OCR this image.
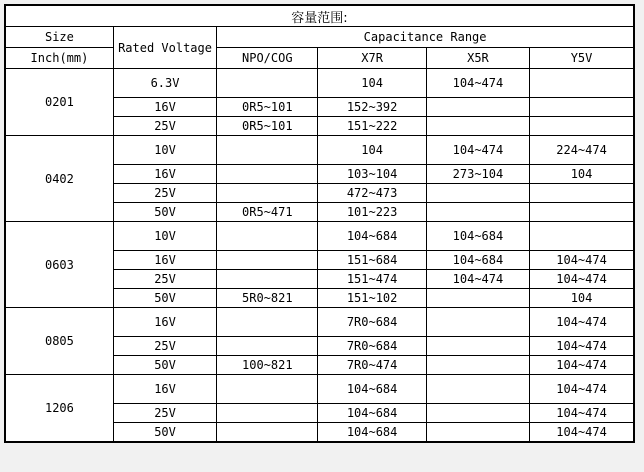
容量范围:					
Size	Rated Voltage	Capacitance Range			
Inch(mm)		NPO/COG	X7R	X5R	Y5V
0201	6.3V		104	104~474	
	16V	0R5~101	152~392		
	25V	0R5~101	151~222		
0402	10V		104	104~474	224~474
	16V		103~104	273~104	104
	25V		472~473		
	50V	0R5~471	101~223		
0603	10V		104~684	104~684	
	16V		151~684	104~684	104~474
	25V		151~474	104~474	104~474
	50V	5R0~821	151~102		104
0805	16V		7R0~684		104~474
	25V		7R0~684		104~474
	50V	100~821	7R0~474		104~474
1206	16V		104~684		104~474
	25V		104~684		104~474
	50V		104~684		104~474
